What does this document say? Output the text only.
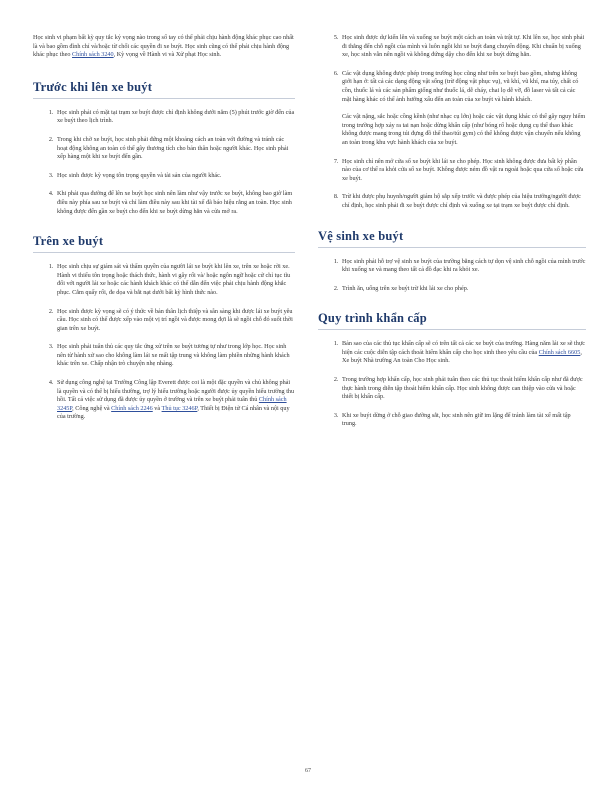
Học sinh vi phạm bất kỳ quy tắc kỷ vọng nào trong sổ tay có thể phải chịu hành động khác phục cao nhất là và bao gồm đình chỉ và/hoặc từ chối các quyền đi xe buýt. Học sinh cũng có thể phải chịu hành động khác phục theo Chính sách 3240, Kỳ vọng về Hành vi và Xử phạt Học sinh.

Trước khi lên xe buýt
1. Học sinh phải có mặt tại trạm xe buýt được chỉ định không dưới năm (5) phút trước giờ đến của xe buýt theo lịch trình.
2. Trong khi chờ xe buýt, học sinh phải đứng một khoảng cách an toàn với đường và tránh các hoạt động không an toàn có thể gây thương tích cho bản thân hoặc người khác. Học sinh phải xếp hàng một khi xe buýt đến gần.
3. Học sinh được kỳ vọng tôn trọng quyền và tài sản của người khác.
4. Khi phải qua đường để lên xe buýt học sinh nên làm như vậy trước xe buýt, không bao giờ làm điều này phía sau xe buýt và chỉ làm điều này sau khi tài xế đã báo hiệu rằng an toàn. Học sinh không được đến gần xe buýt cho đến khi xe buýt dừng hẳn và cửa mở ra.
Trên xe buýt
1. Học sinh chịu sự giám sát và thẩm quyền của người lái xe buýt khi lên xe, trên xe hoặc rời xe. Hành vi thiếu tôn trọng hoặc thách thức, hành vi gây rối và/ hoặc ngôn ngữ hoặc cử chỉ tục tĩu đối với người lái xe hoặc các hành khách khác có thể dẫn đến việc phải chịu hành động khắc phục. Cắm quấy rối, đe dọa và bắt nạt dưới bất kỳ hình thức nào.
2. Học sinh được kỳ vọng sẽ có ý thức về bản thân lịch thiệp và sẵn sàng khi được lái xe buýt yêu cầu. Học sinh có thể được xếp vào một vị trí ngồi và được mong đợi là sẽ ngồi chỗ đó suốt thời gian trên xe buýt.
3. Học sinh phải tuân thủ các quy tắc ứng xử trên xe buýt tương tự như trong lớp học. Học sinh nên từ hành xử sao cho không làm lái xe mất tập trung và không làm phiền những hành khách khác trên xe. Chấp nhận trò chuyện nhẹ nhàng.
4. Sử dụng công nghệ tại Trường Công lập Everett được coi là một đặc quyền và chủ không phải là quyền và có thể bị hiểu thường, trợ lý hiểu trường hoặc người được ủy quyền hiểu trưởng thu hồi. Tất cả việc sử dụng đã được ủy quyền ở trường và trên xe buýt phải tuân thủ Chính sách 3245P, Công nghệ và Chính sách 2246 và Thủ tục 3246P, Thiết bị Điện tử Cá nhân và nội quy của trường.
5. Học sinh được dự kiến lên và xuống xe buýt một cách an toàn và trật tự. Khi lên xe, học sinh phải đi thẳng đến chỗ ngồi của mình và luôn ngồi khi xe buýt đang chuyển động. Khi chuẩn bị xuống xe, học sinh vẫn nên ngồi và không đứng dậy cho đến khi xe buýt dừng hẳn.
6. Các vật dụng không được phép trong trường học cũng như trên xe buýt bao gồm, nhưng không giới hạn ở: tất cả các dạng động vật sống (trừ động vật phục vụ), vũ khí, vũ khí, ma túy, chất có cồn, thuốc lá và các sản phẩm giống như thuốc lá, dễ cháy, chai lọ dễ vỡ, đồ laser và tất cả các mặt hàng khác có thể ảnh hưởng xấu đến an toàn của xe buýt và hành khách.
Các vật nặng, sắc hoặc cồng kềnh (như nhạc cụ lớn) hoặc các vật dụng khác có thể gây nguy hiểm trong trường hợp xảy ra tai nạn hoặc dừng khẩn cấp (như bóng rổ hoặc dụng cụ thể thao khác không được mang trong túi đựng đồ thể thao/túi gym) có thể không được vận chuyển nếu không an toàn trong khu vực hành khách của xe buýt.
7. Học sinh chỉ nên mở cửa sổ xe buýt khi lái xe cho phép. Học sinh không được đưa bất kỳ phần nào của cơ thể ra khỏi cửa sổ xe buýt. Không được ném đồ vật ra ngoài hoặc qua cửa sổ hoặc cửa xe buýt.
8. Trừ khi được phụ huynh/người giám hộ sắp xếp trước và được phép của hiệu trưởng/người được chỉ định, học sinh phải đi xe buýt được chỉ định và xuống xe tại trạm xe buýt được chỉ định.
Vệ sinh xe buýt
1. Học sinh phải hỗ trợ vệ sinh xe buýt của trường bằng cách tự dọn vệ sinh chỗ ngồi của mình trước khi xuống xe và mang theo tất cả đồ đạc khi ra khỏi xe.
2. Trình ăn, uống trên xe buýt trừ khi lái xe cho phép.
Quy trình khẩn cấp
1. Bản sao của các thủ tục khẩn cấp sẽ có trên tất cả các xe buýt của trường. Hàng năm lái xe sẽ thực hiện các cuộc diễn tập cách thoát hiểm khẩn cấp cho học sinh theo yêu cầu của Chính sách 6605, Xe buýt Nhà trường An toàn Cho Học sinh.
2. Trong trường hợp khẩn cấp, học sinh phải tuân theo các thủ tục thoát hiểm khẩn cấp như đã được thực hành trong diễn tập thoát hiểm khẩn cấp. Học sinh không được can thiệp vào cửa và hoặc thiết bị khẩn cấp.
3. Khi xe buýt dừng ở chỗ giao đường sắt, học sinh nên giữ im lặng để tránh làm tài xế mất tập trung.
67
